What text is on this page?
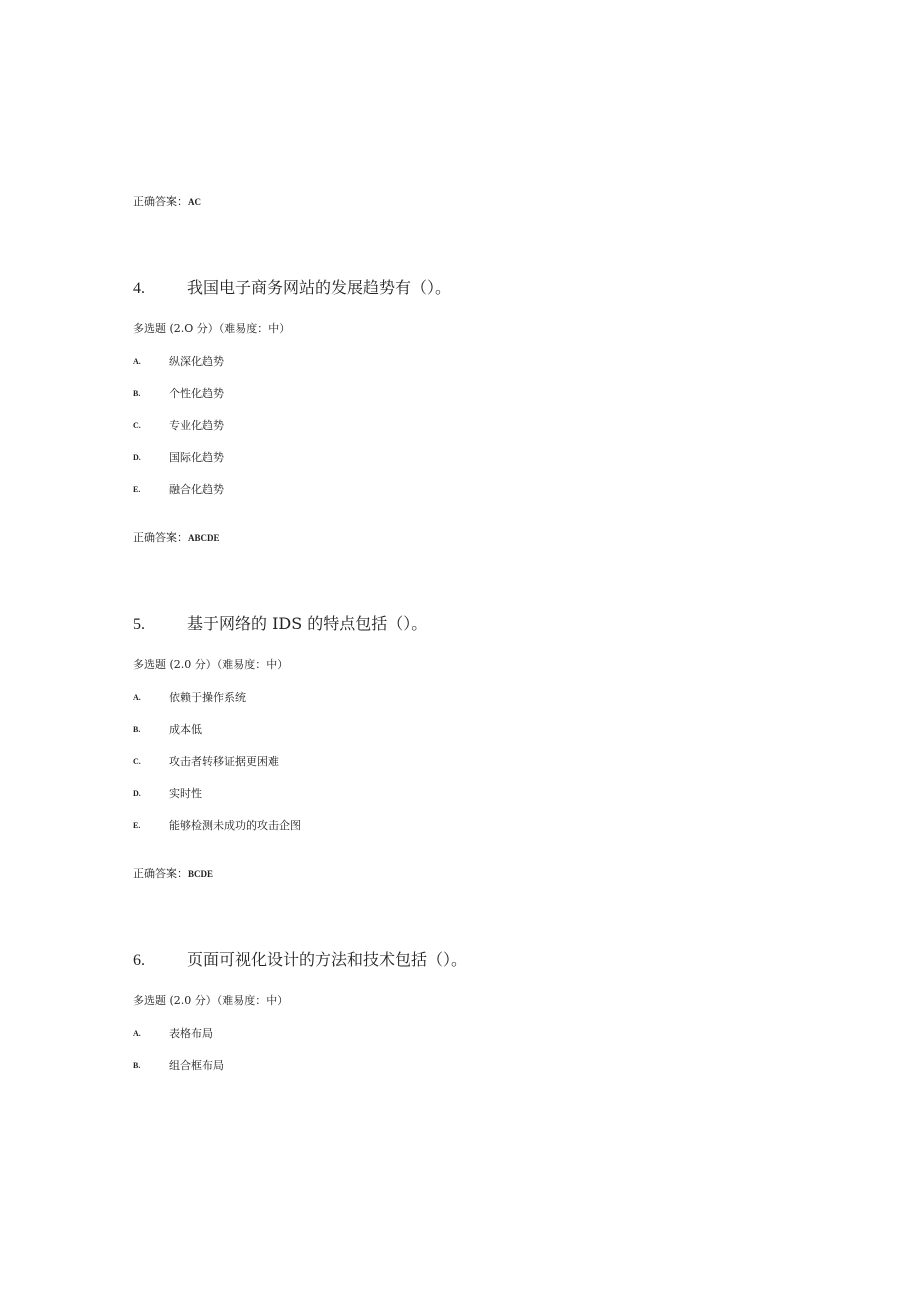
正确答案：AC
4.	我国电子商务网站的发展趋势有（）。
多选题 (2.O 分）（难易度：中）
A.	纵深化趋势
B.	个性化趋势
C.	专业化趋势
D.	国际化趋势
E.	融合化趋势
正确答案：ABCDE
5.	基于网络的 IDS 的特点包括（）。
多选题 (2.0 分）（难易度：中）
A.	依赖于操作系统
B.	成本低
C.	攻击者转移证据更困难
D.	实时性
E.	能够检测未成功的攻击企图
正确答案：BCDE
6.	页面可视化设计的方法和技术包括（）。
多选题 (2.0 分）（难易度：中）
A.	表格布局
B.	组合框布局
